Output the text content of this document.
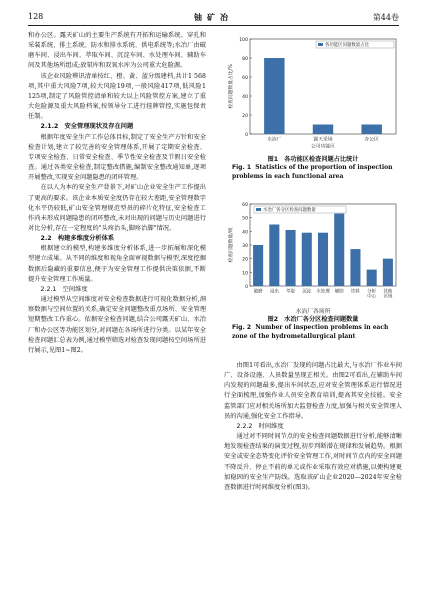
128	铀矿冶	第44卷

和办公区。露天矿山的主要生产系统有开拓和运输系统、穿孔和采装系统、排土系统、防水和排水系统、供电系统等;水冶厂由破磨车间、浸出车间、萃取车间、沉淀车间、水处理车间、辅助车间及其他场所组成;放氡库和双氧水库为公司重大危险源。

该企业风险辨识清单按红、橙、黄、蓝分级建档,共计1 568项,其中重大风险7项,较大风险19项,一般风险417项,低风险1 125项,制定了风险管控清单和较大以上风险管控方案,建立了重大危险源及重大风险档案,按领导分工进行挂牌管控,实施包保责任制。

2.1.2　安全管理现状及存在问题

根据年度安全生产工作总体目标,制定了安全生产方针和安全检查计划,建立了较完善的安全管理体系,开展了定期安全检查、专项安全检查、日常安全检查、季节性安全检查及节假日安全检查。通过各类安全检查,制定整改措施,编制安全整改通知单,逐项开展整改,实现安全问题隐患的闭环管理。

在以人为本的安全生产背景下,对矿山企业安全生产工作提出了更高的要求。该企业本质安全度仍存在较大差距,安全管理数字化水平仍较低,矿山安全管理规范型员的碎片化特征,安全检查工作尚未形成问题隐患的闭环整改,未对出现的问题与历史问题进行对比分析,存在一定程度的"头疼治头,脚疼治脚"情况。

2.2　构建多维度分析体系

根据建立的模型,构建多维度分析体系,进一步拓展和深化模型建立成果。从不同的维度和视角全面审视数据与模型,深度挖掘数据后隐藏的重要信息,便于为安全管理工作提供决策依据,不断提升安全管理工作质量。

2.2.1　空间维度

通过模型从空间维度对安全检查数据进行可视化数据分析,洞察数据与空间位置的关系,确定安全问题整改重点场所、安全管理短期整改工作重心。依据安全检查问题,结合公司露天矿山、水冶厂和办公区等功能区划分,对问题在各场所进行分类。以某年安全检查问题汇总表为例,通过模型筛选对检查发现问题按空间场所进行展示,见图1~图2。

0
20
40
60
80
100
检查问题数量占比/%
水冶厂	露天采场	办公区
各功能区问题数量占比
公司功能区
图1　各功能区检查问题占比统计
Fig. 1 Statistics of the proportion of inspection problems in each functional area
0
10
20
30
40
50
60
检查问题数量/项
破磨 浸出 萃取 沉淀 水处理 辅助 饮料 分析
中心
其他
区域
水冶厂各分区检查问题数量
水冶厂各场所
图2　水冶厂各分区检查问题数量
Fig. 2 Number of inspection problems in each zone of the hydrometallurgical plant

由图1可看出,水冶厂发现的问题占比最大,与水冶厂作业车间广、设备设施、人员数量呈现正相关。由图2可看出,在辅助车间内发现的问题最多,提出车间状态,应对安全管理体系运行情况进行全面梳理,加强作业人员安全教育培训,提高其安全技能。安全监管部门应对相关场所加大监督检查力度,加强与相关安全管理人员的沟通,强化安全工作指导。

2.2.2　时间维度

通过对不同时间节点的安全检查问题数据进行分析,能够清晰地发现检查结果的演变过程,初步判断潜在规律和发展趋势。根据安全或安全态势变化评价安全管理工作,对时间节点内的安全问题不降反升、停止不前的单元或作业采取有效应对措施,以便构建更加稳固的安全生产防线。选取该矿山企业2020—2024年安全检查数据进行时间维度分析(图3)。
